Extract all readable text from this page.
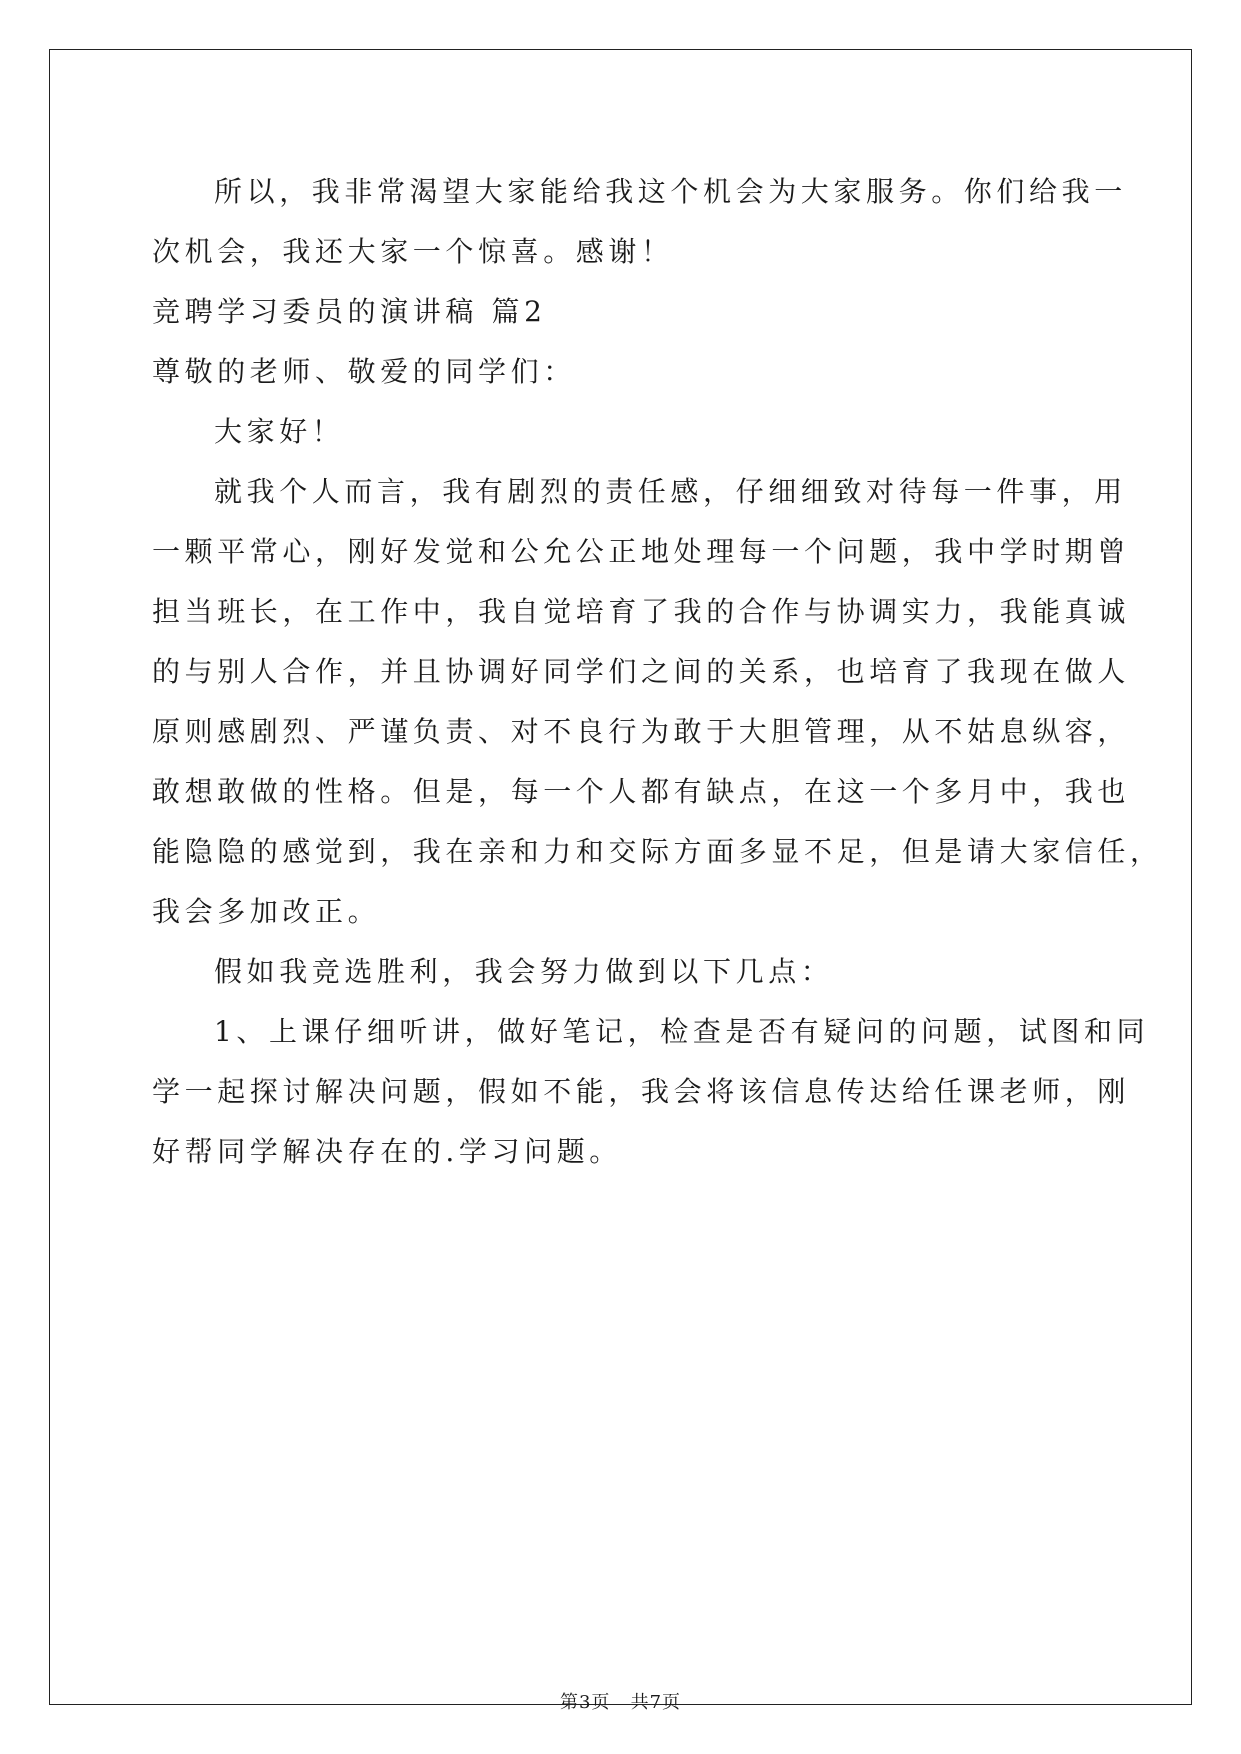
所以，我非常渴望大家能给我这个机会为大家服务。你们给我一
次机会，我还大家一个惊喜。感谢！
竞聘学习委员的演讲稿 篇2
尊敬的老师、敬爱的同学们：
大家好！
就我个人而言，我有剧烈的责任感，仔细细致对待每一件事，用
一颗平常心，刚好发觉和公允公正地处理每一个问题，我中学时期曾
担当班长，在工作中，我自觉培育了我的合作与协调实力，我能真诚
的与别人合作，并且协调好同学们之间的关系，也培育了我现在做人
原则感剧烈、严谨负责、对不良行为敢于大胆管理，从不姑息纵容，
敢想敢做的性格。但是，每一个人都有缺点，在这一个多月中，我也
能隐隐的感觉到，我在亲和力和交际方面多显不足，但是请大家信任，
我会多加改正。
假如我竞选胜利，我会努力做到以下几点：
1、上课仔细听讲，做好笔记，检查是否有疑问的问题，试图和同
学一起探讨解决问题，假如不能，我会将该信息传达给任课老师，刚
好帮同学解决存在的.学习问题。
第3页   共7页
